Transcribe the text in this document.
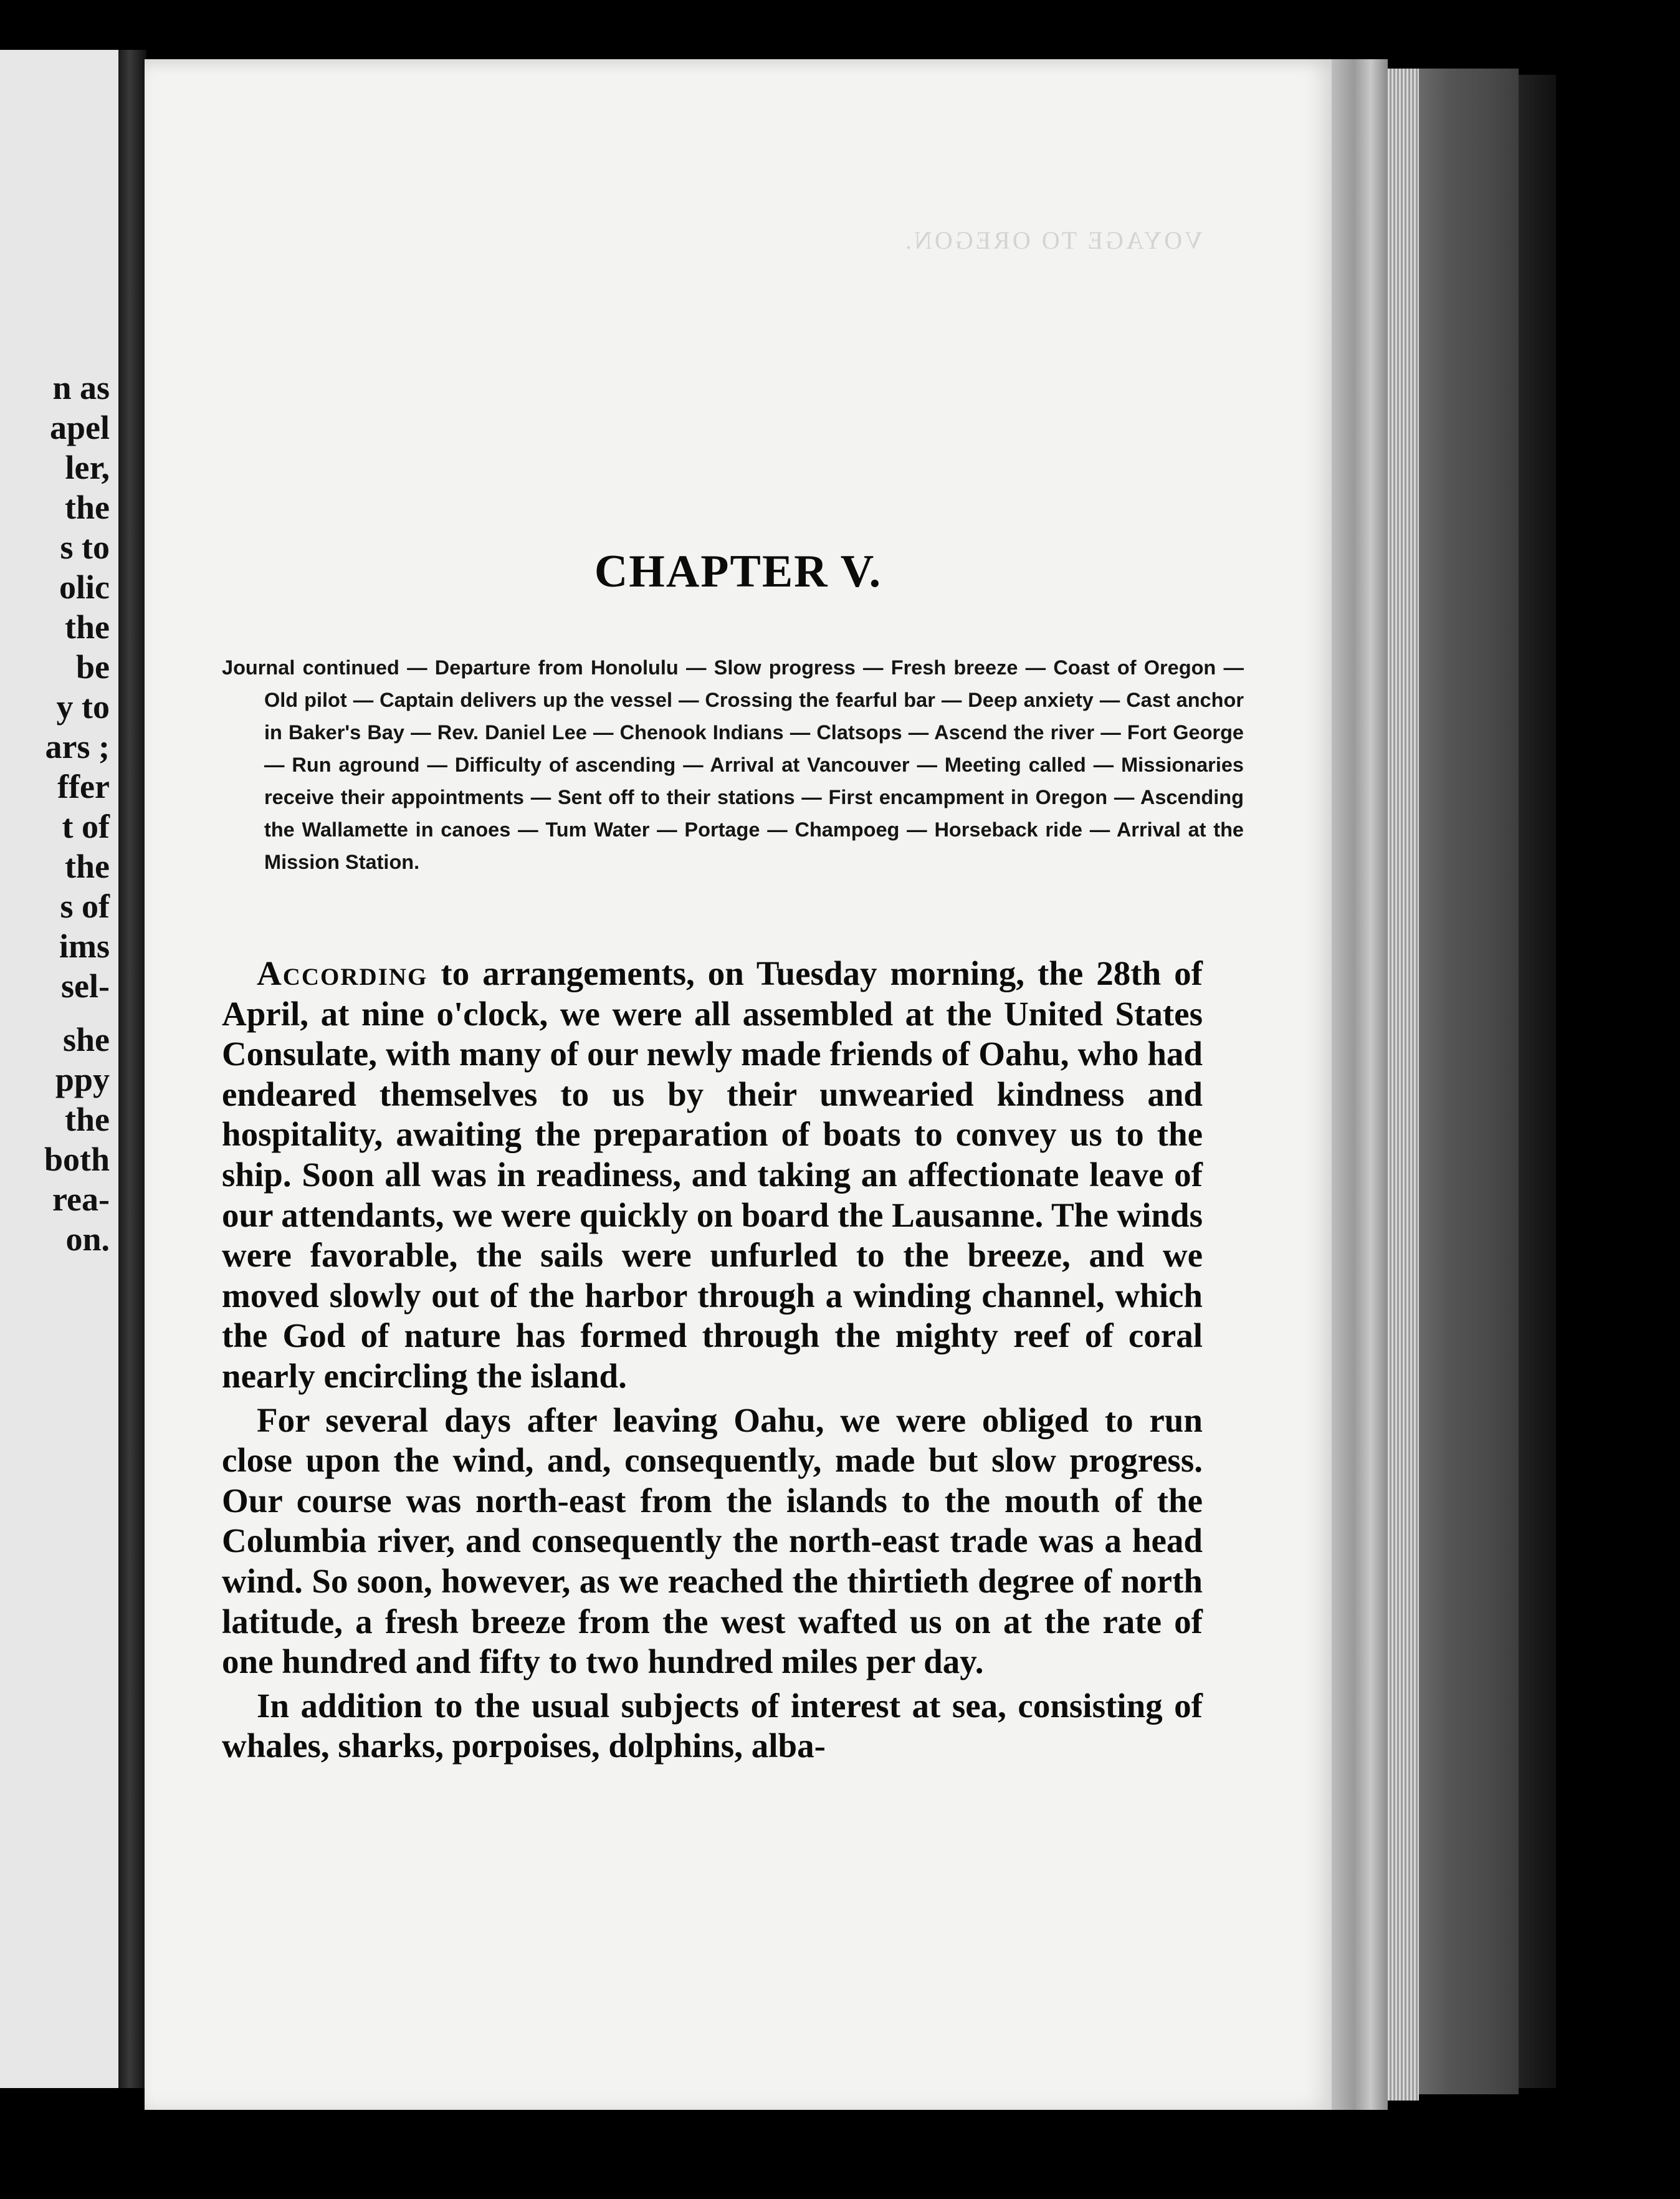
n as
apel
ler,
the
s to
olic
the
be
y to
ars ;
ffer
t of
the
s of
ims
sel-
she
ppy
the
both
rea-
on.
VOYAGE TO OREGON.
CHAPTER V.
Journal continued — Departure from Honolulu — Slow progress — Fresh breeze — Coast of Oregon — Old pilot — Captain delivers up the vessel — Crossing the fearful bar — Deep anxiety — Cast anchor in Baker's Bay — Rev. Daniel Lee — Chenook Indians — Clatsops — Ascend the river — Fort George — Run aground — Difficulty of ascending — Arrival at Vancouver — Meeting called — Missionaries receive their appointments — Sent off to their stations — First encampment in Oregon — Ascending the Wallamette in canoes — Tum Water — Portage — Champoeg — Horseback ride — Arrival at the Mission Station.

According to arrangements, on Tuesday morning, the 28th of April, at nine o'clock, we were all assembled at the United States Consulate, with many of our newly made friends of Oahu, who had endeared themselves to us by their unwearied kindness and hospitality, awaiting the preparation of boats to convey us to the ship. Soon all was in readiness, and taking an affectionate leave of our attendants, we were quickly on board the Lausanne. The winds were favorable, the sails were unfurled to the breeze, and we moved slowly out of the harbor through a winding channel, which the God of nature has formed through the mighty reef of coral nearly encircling the island.

For several days after leaving Oahu, we were obliged to run close upon the wind, and, consequently, made but slow progress. Our course was north-east from the islands to the mouth of the Columbia river, and consequently the north-east trade was a head wind. So soon, however, as we reached the thirtieth degree of north latitude, a fresh breeze from the west wafted us on at the rate of one hundred and fifty to two hundred miles per day.

In addition to the usual subjects of interest at sea, consisting of whales, sharks, porpoises, dolphins, alba-
